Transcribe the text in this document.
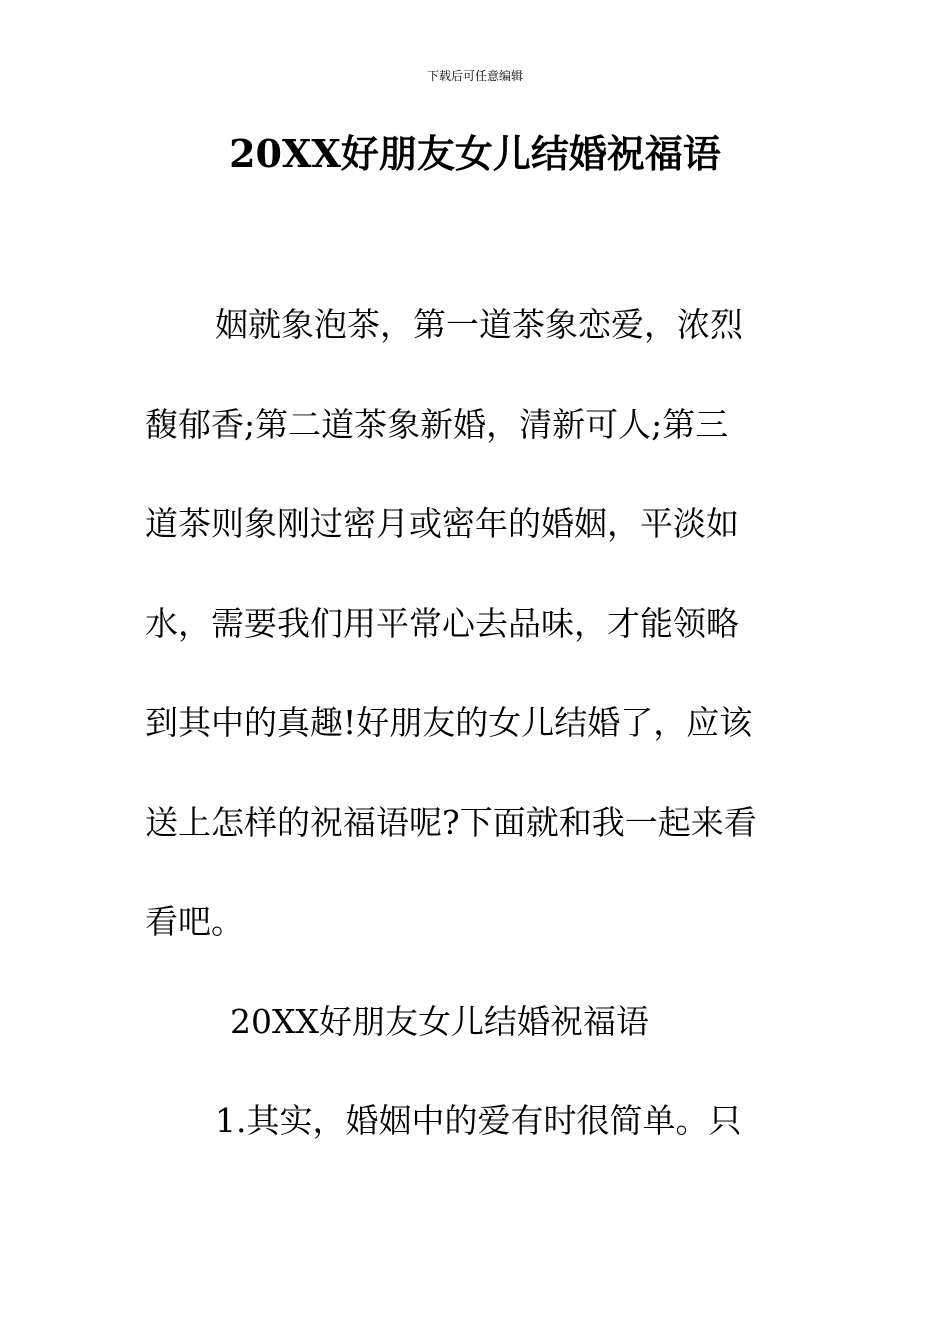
下载后可任意编辑
20XX好朋友女儿结婚祝福语
姻就象泡茶，第一道茶象恋爱，浓烈
馥郁香;第二道茶象新婚，清新可人;第三
道茶则象刚过密月或密年的婚姻，平淡如
水，需要我们用平常心去品味，才能领略
到其中的真趣!好朋友的女儿结婚了，应该
送上怎样的祝福语呢?下面就和我一起来看
看吧。
20XX好朋友女儿结婚祝福语
1.其实，婚姻中的爱有时很简单。只
